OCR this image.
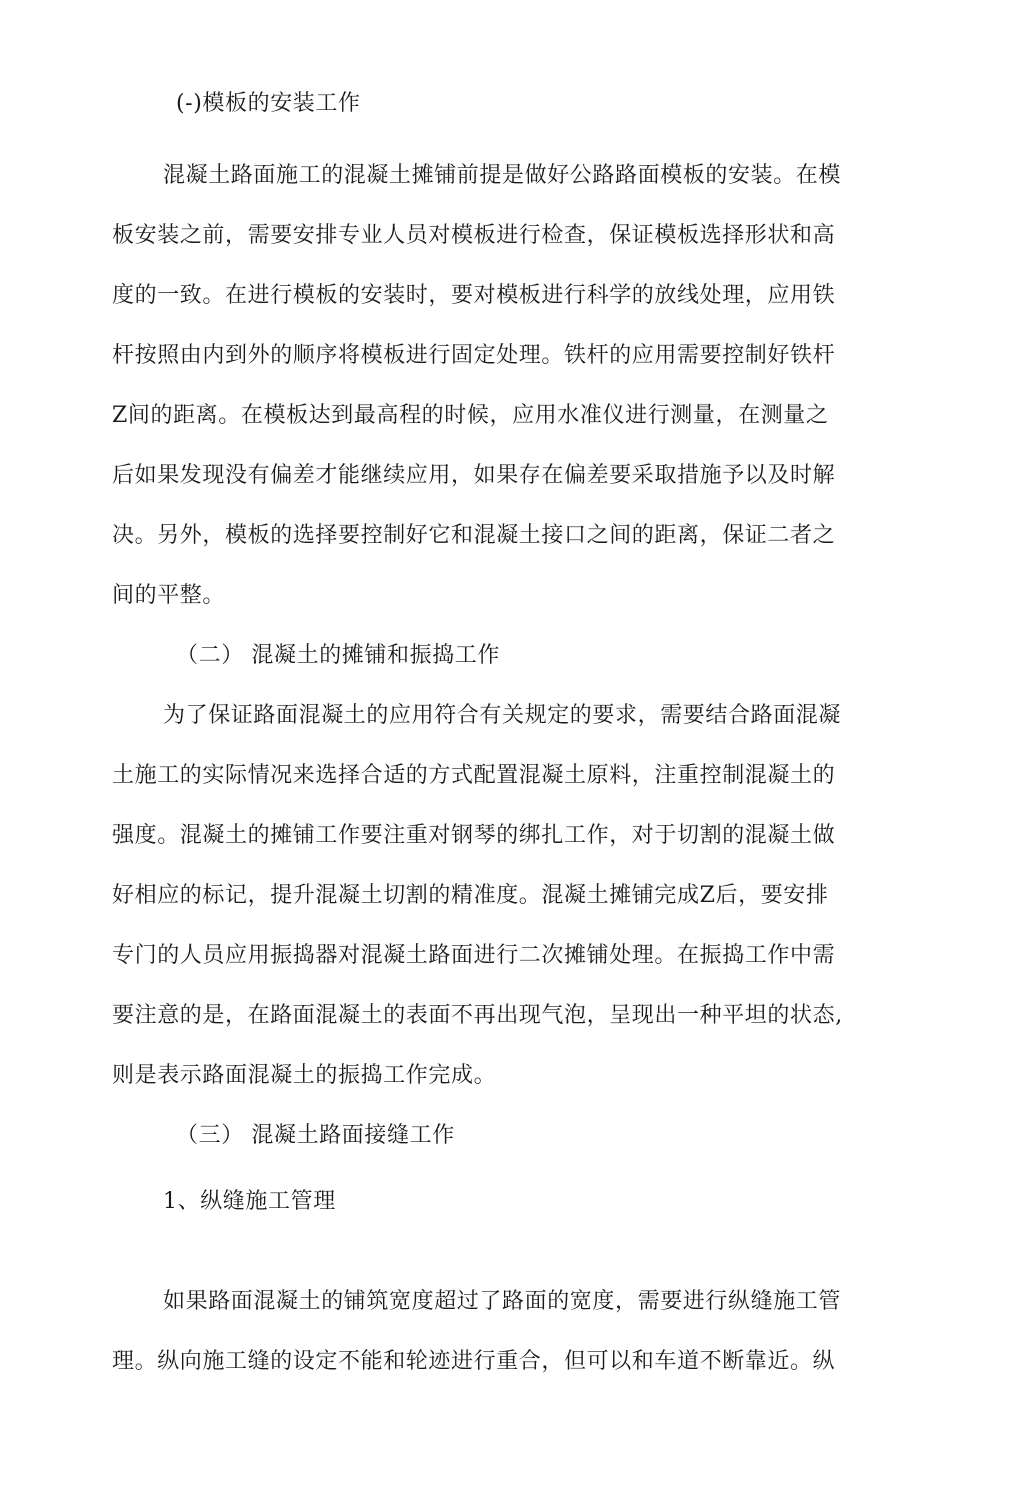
(-)模板的安装工作
混凝土路面施工的混凝土摊铺前提是做好公路路面模板的安装。在模
板安装之前，需要安排专业人员对模板进行检查，保证模板选择形状和高
度的一致。在进行模板的安装时，要对模板进行科学的放线处理，应用铁
杆按照由内到外的顺序将模板进行固定处理。铁杆的应用需要控制好铁杆
Z间的距离。在模板达到最高程的时候，应用水准仪进行测量，在测量之
后如果发现没有偏差才能继续应用，如果存在偏差要采取措施予以及时解
决。另外，模板的选择要控制好它和混凝土接口之间的距离，保证二者之
间的平整。
（二） 混凝土的摊铺和振捣工作
为了保证路面混凝土的应用符合有关规定的要求，需要结合路面混凝
土施工的实际情况来选择合适的方式配置混凝土原料，注重控制混凝土的
强度。混凝土的摊铺工作要注重对钢琴的绑扎工作，对于切割的混凝土做
好相应的标记，提升混凝土切割的精准度。混凝土摊铺完成Z后，要安排
专门的人员应用振捣器对混凝土路面进行二次摊铺处理。在振捣工作中需
要注意的是，在路面混凝土的表面不再出现气泡，呈现出一种平坦的状态,
则是表示路面混凝土的振捣工作完成。
（三） 混凝土路面接缝工作
1、纵缝施工管理
如果路面混凝土的铺筑宽度超过了路面的宽度，需要进行纵缝施工管
理。纵向施工缝的设定不能和轮迹进行重合，但可以和车道不断靠近。纵
